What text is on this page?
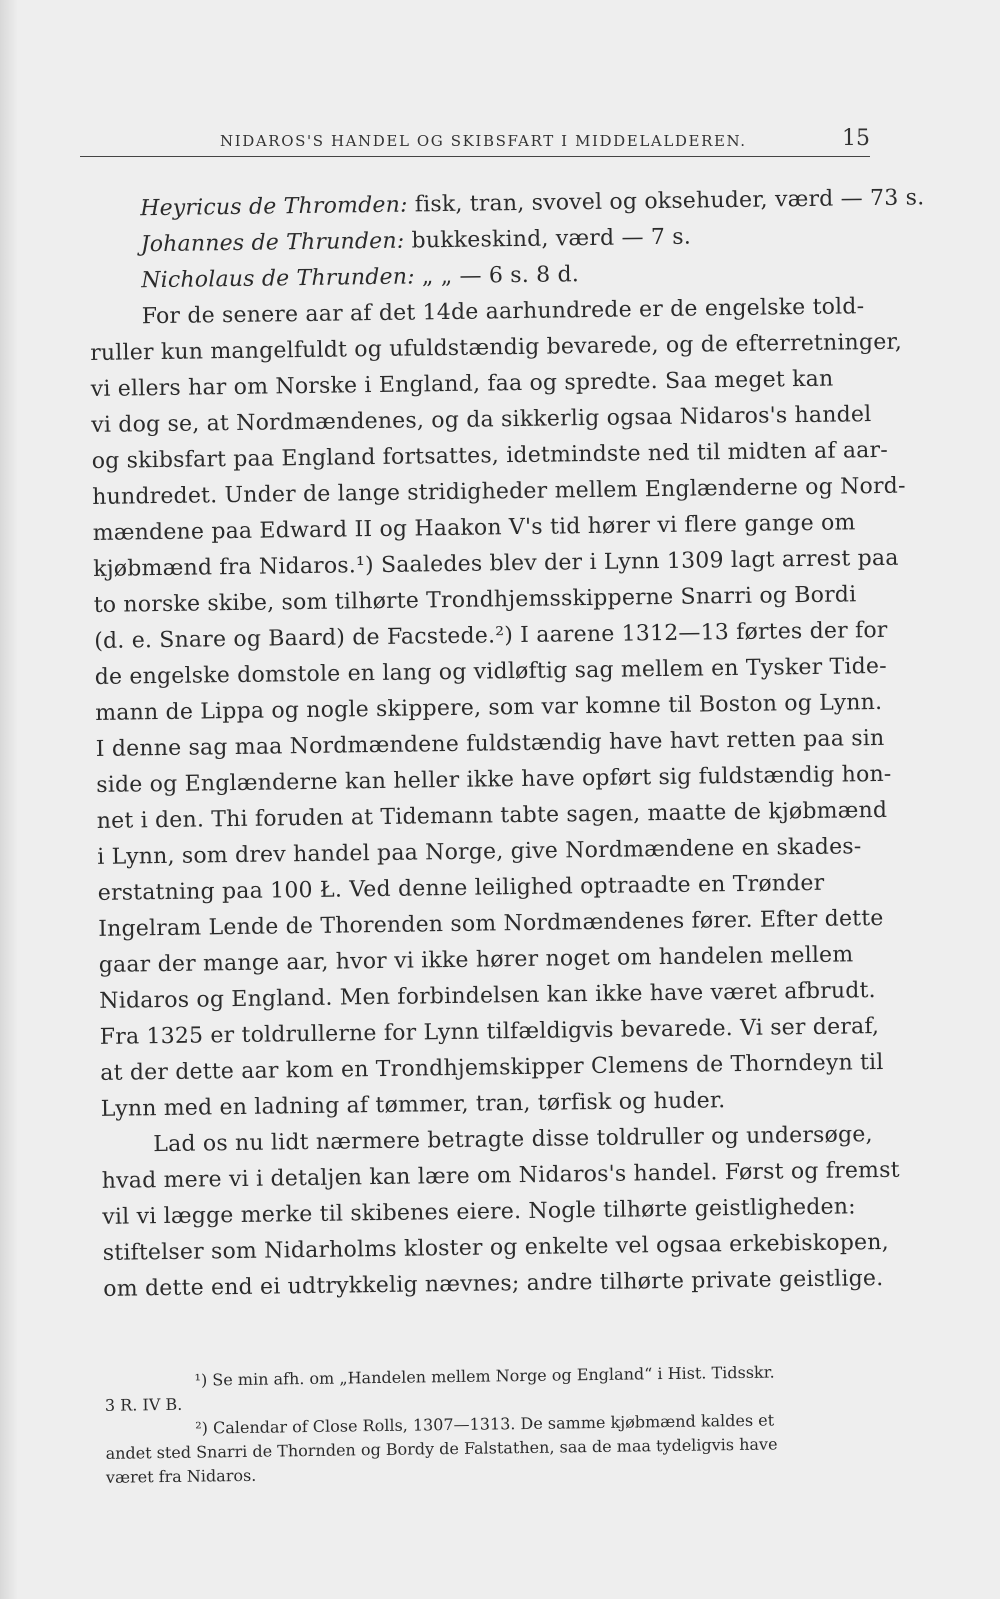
NIDAROS'S HANDEL OG SKIBSFART I MIDDELALDEREN.	15
Heyricus de Thromden: fisk, tran, svovel og oksehuder, værd — 73 s.
Johannes de Thrunden: bukkeskind, værd — 7 s.
Nicholaus de Thrunden: „ „ — 6 s. 8 d.
For de senere aar af det 14de aarhundrede er de engelske told-
ruller kun mangelfuldt og ufuldstændig bevarede, og de efterretninger,
vi ellers har om Norske i England, faa og spredte. Saa meget kan
vi dog se, at Nordmændenes, og da sikkerlig ogsaa Nidaros's handel
og skibsfart paa England fortsattes, idetmindste ned til midten af aar-
hundredet. Under de lange stridigheder mellem Englænderne og Nord-
mændene paa Edward II og Haakon V's tid hører vi flere gange om
kjøbmænd fra Nidaros.¹) Saaledes blev der i Lynn 1309 lagt arrest paa
to norske skibe, som tilhørte Trondhjemsskipperne Snarri og Bordi
(d. e. Snare og Baard) de Facstede.²) I aarene 1312—13 førtes der for
de engelske domstole en lang og vidløftig sag mellem en Tysker Tide-
mann de Lippa og nogle skippere, som var komne til Boston og Lynn.
I denne sag maa Nordmændene fuldstændig have havt retten paa sin
side og Englænderne kan heller ikke have opført sig fuldstændig hon-
net i den. Thi foruden at Tidemann tabte sagen, maatte de kjøbmænd
i Lynn, som drev handel paa Norge, give Nordmændene en skades-
erstatning paa 100 Ł. Ved denne leilighed optraadte en Trønder
Ingelram Lende de Thorenden som Nordmændenes fører. Efter dette
gaar der mange aar, hvor vi ikke hører noget om handelen mellem
Nidaros og England. Men forbindelsen kan ikke have været afbrudt.
Fra 1325 er toldrullerne for Lynn tilfældigvis bevarede. Vi ser deraf,
at der dette aar kom en Trondhjemskipper Clemens de Thorndeyn til
Lynn med en ladning af tømmer, tran, tørfisk og huder.
Lad os nu lidt nærmere betragte disse toldruller og undersøge,
hvad mere vi i detaljen kan lære om Nidaros's handel. Først og fremst
vil vi lægge merke til skibenes eiere. Nogle tilhørte geistligheden:
stiftelser som Nidarholms kloster og enkelte vel ogsaa erkebiskopen,
om dette end ei udtrykkelig nævnes; andre tilhørte private geistlige.
¹) Se min afh. om „Handelen mellem Norge og England“ i Hist. Tidsskr.
3 R. IV B.
²) Calendar of Close Rolls, 1307—1313. De samme kjøbmænd kaldes et
andet sted Snarri de Thornden og Bordy de Falstathen, saa de maa tydeligvis have
været fra Nidaros.
